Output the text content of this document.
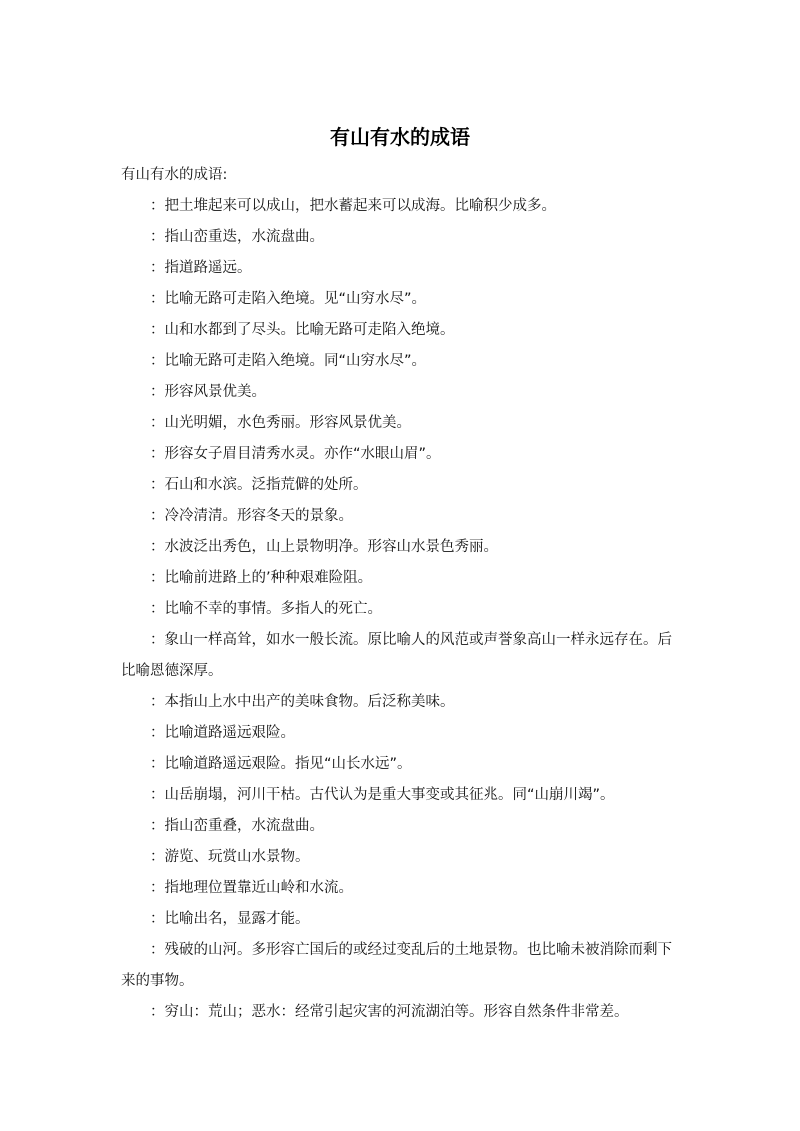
有山有水的成语

有山有水的成语:

：把土堆起来可以成山，把水蓄起来可以成海。比喻积少成多。

：指山峦重迭，水流盘曲。

：指道路遥远。

：比喻无路可走陷入绝境。见“山穷水尽”。

：山和水都到了尽头。比喻无路可走陷入绝境。

：比喻无路可走陷入绝境。同“山穷水尽”。

：形容风景优美。

：山光明媚，水色秀丽。形容风景优美。

：形容女子眉目清秀水灵。亦作“水眼山眉”。

：石山和水滨。泛指荒僻的处所。

：冷冷清清。形容冬天的景象。

：水波泛出秀色，山上景物明净。形容山水景色秀丽。

：比喻前进路上的’种种艰难险阻。

：比喻不幸的事情。多指人的死亡。

：象山一样高耸，如水一般长流。原比喻人的风范或声誉象高山一样永远存在。后比喻恩德深厚。

：本指山上水中出产的美味食物。后泛称美味。

：比喻道路遥远艰险。

：比喻道路遥远艰险。指见“山长水远”。

：山岳崩塌，河川干枯。古代认为是重大事变或其征兆。同“山崩川竭”。

：指山峦重叠，水流盘曲。

：游览、玩赏山水景物。

：指地理位置靠近山岭和水流。

：比喻出名，显露才能。

：残破的山河。多形容亡国后的或经过变乱后的土地景物。也比喻未被消除而剩下来的事物。

：穷山：荒山；恶水：经常引起灾害的河流湖泊等。形容自然条件非常差。
